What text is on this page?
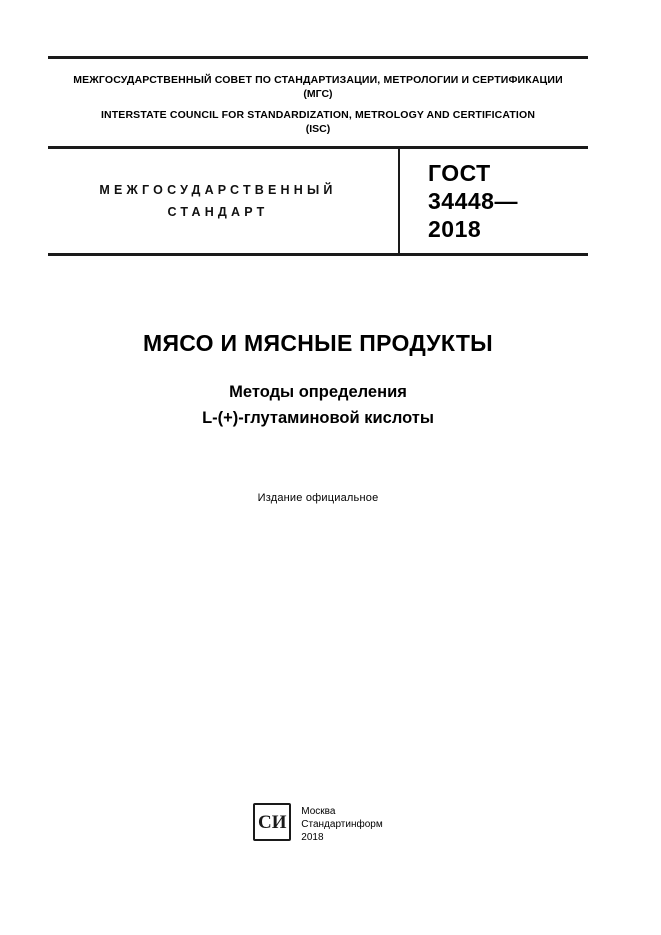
МЕЖГОСУДАРСТВЕННЫЙ СОВЕТ ПО СТАНДАРТИЗАЦИИ, МЕТРОЛОГИИ И СЕРТИФИКАЦИИ
(МГС)
INTERSTATE COUNCIL FOR STANDARDIZATION, METROLOGY AND CERTIFICATION
(ISC)
МЕЖГОСУДАРСТВЕННЫЙ
СТАНДАРТ
ГОСТ
34448—
2018
МЯСО И МЯСНЫЕ ПРОДУКТЫ
Методы определения
L-(+)-глутаминовой кислоты
Издание официальное
СИ Москва
Стандартинформ
2018
